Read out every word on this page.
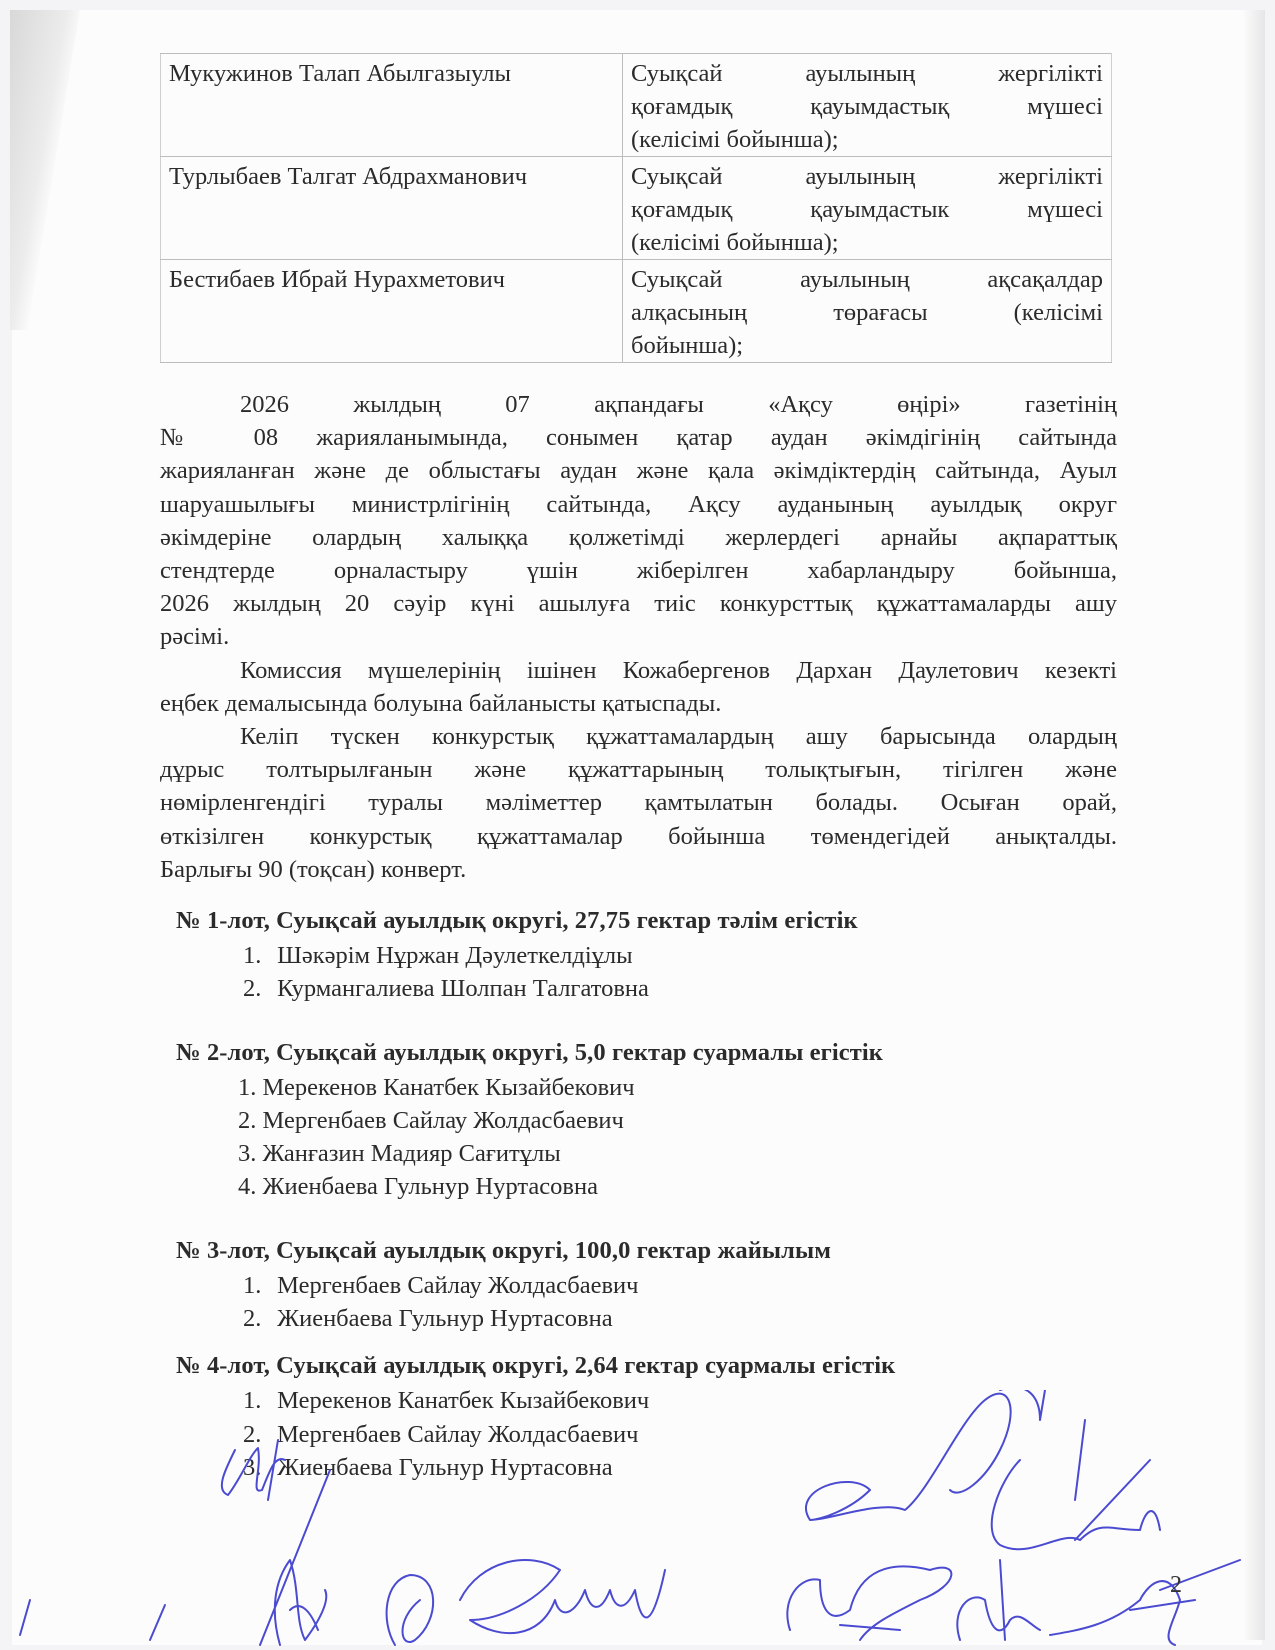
Мукужинов Талап Абылгазыулы	Суықсай ауылының жергілікті
қоғамдық қауымдастық мүшесі
(келісімі бойынша);

Турлыбаев Талгат Абдрахманович	Суықсай ауылының жергілікті
қоғамдық қауымдастык мүшесі
(келісімі бойынша);

Бестибаев Ибрай Нурахметович	Суықсай ауылының ақсақалдар
алқасының төрағасы (келісімі
бойынша);

2026 жылдың 07 ақпандағы «Ақсу өңірі» газетінің
№ 08 жарияланымында, сонымен қатар аудан әкімдігінің сайтында
жарияланған және де облыстағы аудан және қала әкімдіктердің сайтында, Ауыл
шаруашылығы министрлігінің сайтында, Ақсу ауданының ауылдық округ
әкімдеріне олардың халыққа қолжетімді жерлердегі арнайы ақпараттық
стендтерде орналастыру үшін жіберілген хабарландыру бойынша,
2026 жылдың 20 сәуір күні ашылуға тиіс конкурсттық құжаттамаларды ашу
рәсімі.

Комиссия мүшелерінің ішінен Кожабергенов Дархан Даулетович кезекті
еңбек демалысында болуына байланысты қатыспады.

Келіп түскен конкурстық құжаттамалардың ашу барысында олардың
дұрыс толтырылғанын және құжаттарының толықтығын, тігілген және
нөмірленгендігі туралы мәліметтер қамтылатын болады. Осыған орай,
өткізілген конкурстық құжаттамалар бойынша төмендегідей анықталды.
Барлығы 90 (тоқсан) конверт.

№ 1-лот, Суықсай ауылдық округі, 27,75 гектар тәлім егістік

1. Шәкәрім Нұржан Дәулеткелдіұлы
2. Курмангалиева Шолпан Талгатовна

№ 2-лот, Суықсай ауылдық округі, 5,0 гектар суармалы егістік

1. Мерекенов Канатбек Кызайбекович
2. Мергенбаев Сайлау Жолдасбаевич
3. Жанғазин Мадияр Сағитұлы
4. Жиенбаева Гульнур Нуртасовна

№ 3-лот, Суықсай ауылдық округі, 100,0 гектар жайылым

1. Мергенбаев Сайлау Жолдасбаевич
2. Жиенбаева Гульнур Нуртасовна

№ 4-лот, Суықсай ауылдық округі, 2,64 гектар суармалы егістік

1. Мерекенов Канатбек Кызайбекович
2. Мергенбаев Сайлау Жолдасбаевич
3. Жиенбаева Гульнур Нуртасовна
2
